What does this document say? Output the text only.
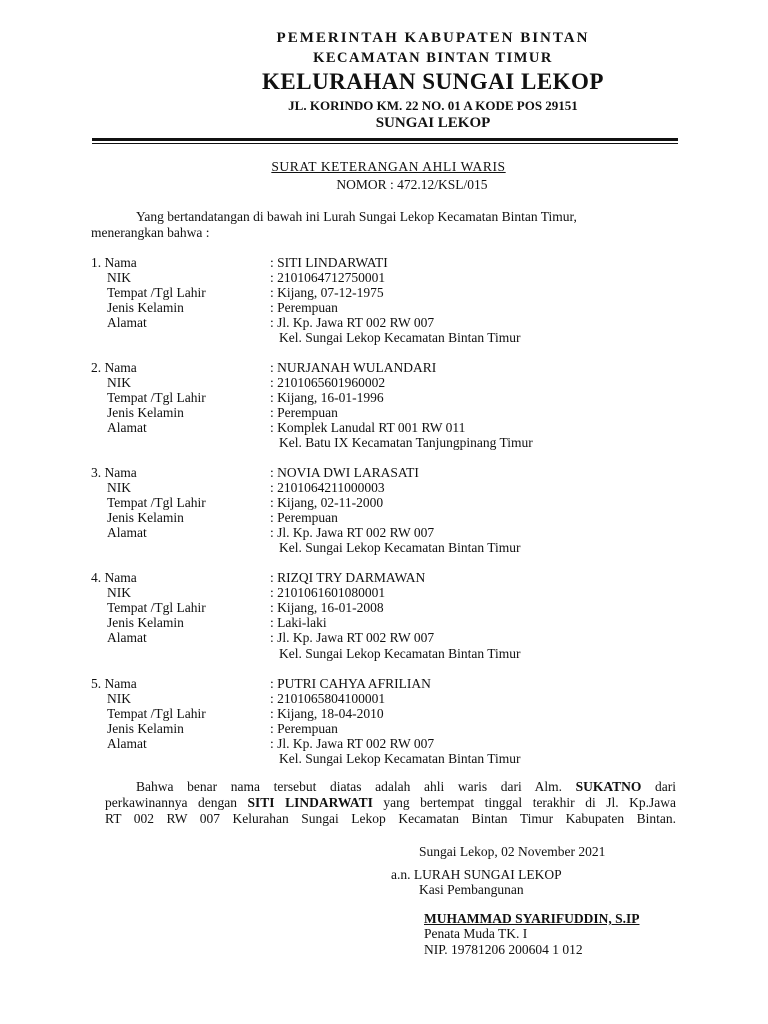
PEMERINTAH KABUPATEN BINTAN
KECAMATAN BINTAN TIMUR
KELURAHAN SUNGAI LEKOP
JL. KORINDO KM. 22 NO. 01 A KODE POS 29151
SUNGAI LEKOP
SURAT KETERANGAN AHLI WARIS
NOMOR : 472.12/KSL/015
Yang bertandatangan di bawah ini Lurah Sungai Lekop Kecamatan Bintan Timur,
menerangkan bahwa :
1. Nama	: SITI LINDARWATI
NIK	: 2101064712750001
Tempat /Tgl Lahir	: Kijang, 07-12-1975
Jenis Kelamin	: Perempuan
Alamat	: Jl. Kp. Jawa RT 002 RW 007
Kel. Sungai Lekop Kecamatan Bintan Timur
2. Nama	: NURJANAH WULANDARI
NIK	: 2101065601960002
Tempat /Tgl Lahir	: Kijang, 16-01-1996
Jenis Kelamin	: Perempuan
Alamat	: Komplek Lanudal RT 001 RW 011
Kel. Batu IX Kecamatan Tanjungpinang Timur
3. Nama	: NOVIA DWI LARASATI
NIK	: 2101064211000003
Tempat /Tgl Lahir	: Kijang, 02-11-2000
Jenis Kelamin	: Perempuan
Alamat	: Jl. Kp. Jawa RT 002 RW 007
Kel. Sungai Lekop Kecamatan Bintan Timur
4. Nama	: RIZQI TRY DARMAWAN
NIK	: 2101061601080001
Tempat /Tgl Lahir	: Kijang, 16-01-2008
Jenis Kelamin	: Laki-laki
Alamat	: Jl. Kp. Jawa RT 002 RW 007
Kel. Sungai Lekop Kecamatan Bintan Timur
5. Nama	: PUTRI CAHYA AFRILIAN
NIK	: 2101065804100001
Tempat /Tgl Lahir	: Kijang, 18-04-2010
Jenis Kelamin	: Perempuan
Alamat	: Jl. Kp. Jawa RT 002 RW 007
Kel. Sungai Lekop Kecamatan Bintan Timur
Bahwa benar nama tersebut diatas adalah ahli waris dari Alm. SUKATNO dari
perkawinannya dengan SITI LINDARWATI yang bertempat tinggal terakhir di Jl. Kp.Jawa
RT 002 RW 007 Kelurahan Sungai Lekop Kecamatan Bintan Timur Kabupaten Bintan.
Sungai Lekop, 02 November 2021
a.n. LURAH SUNGAI LEKOP
Kasi Pembangunan
MUHAMMAD SYARIFUDDIN, S.IP
Penata Muda TK. I
NIP. 19781206 200604 1 012
